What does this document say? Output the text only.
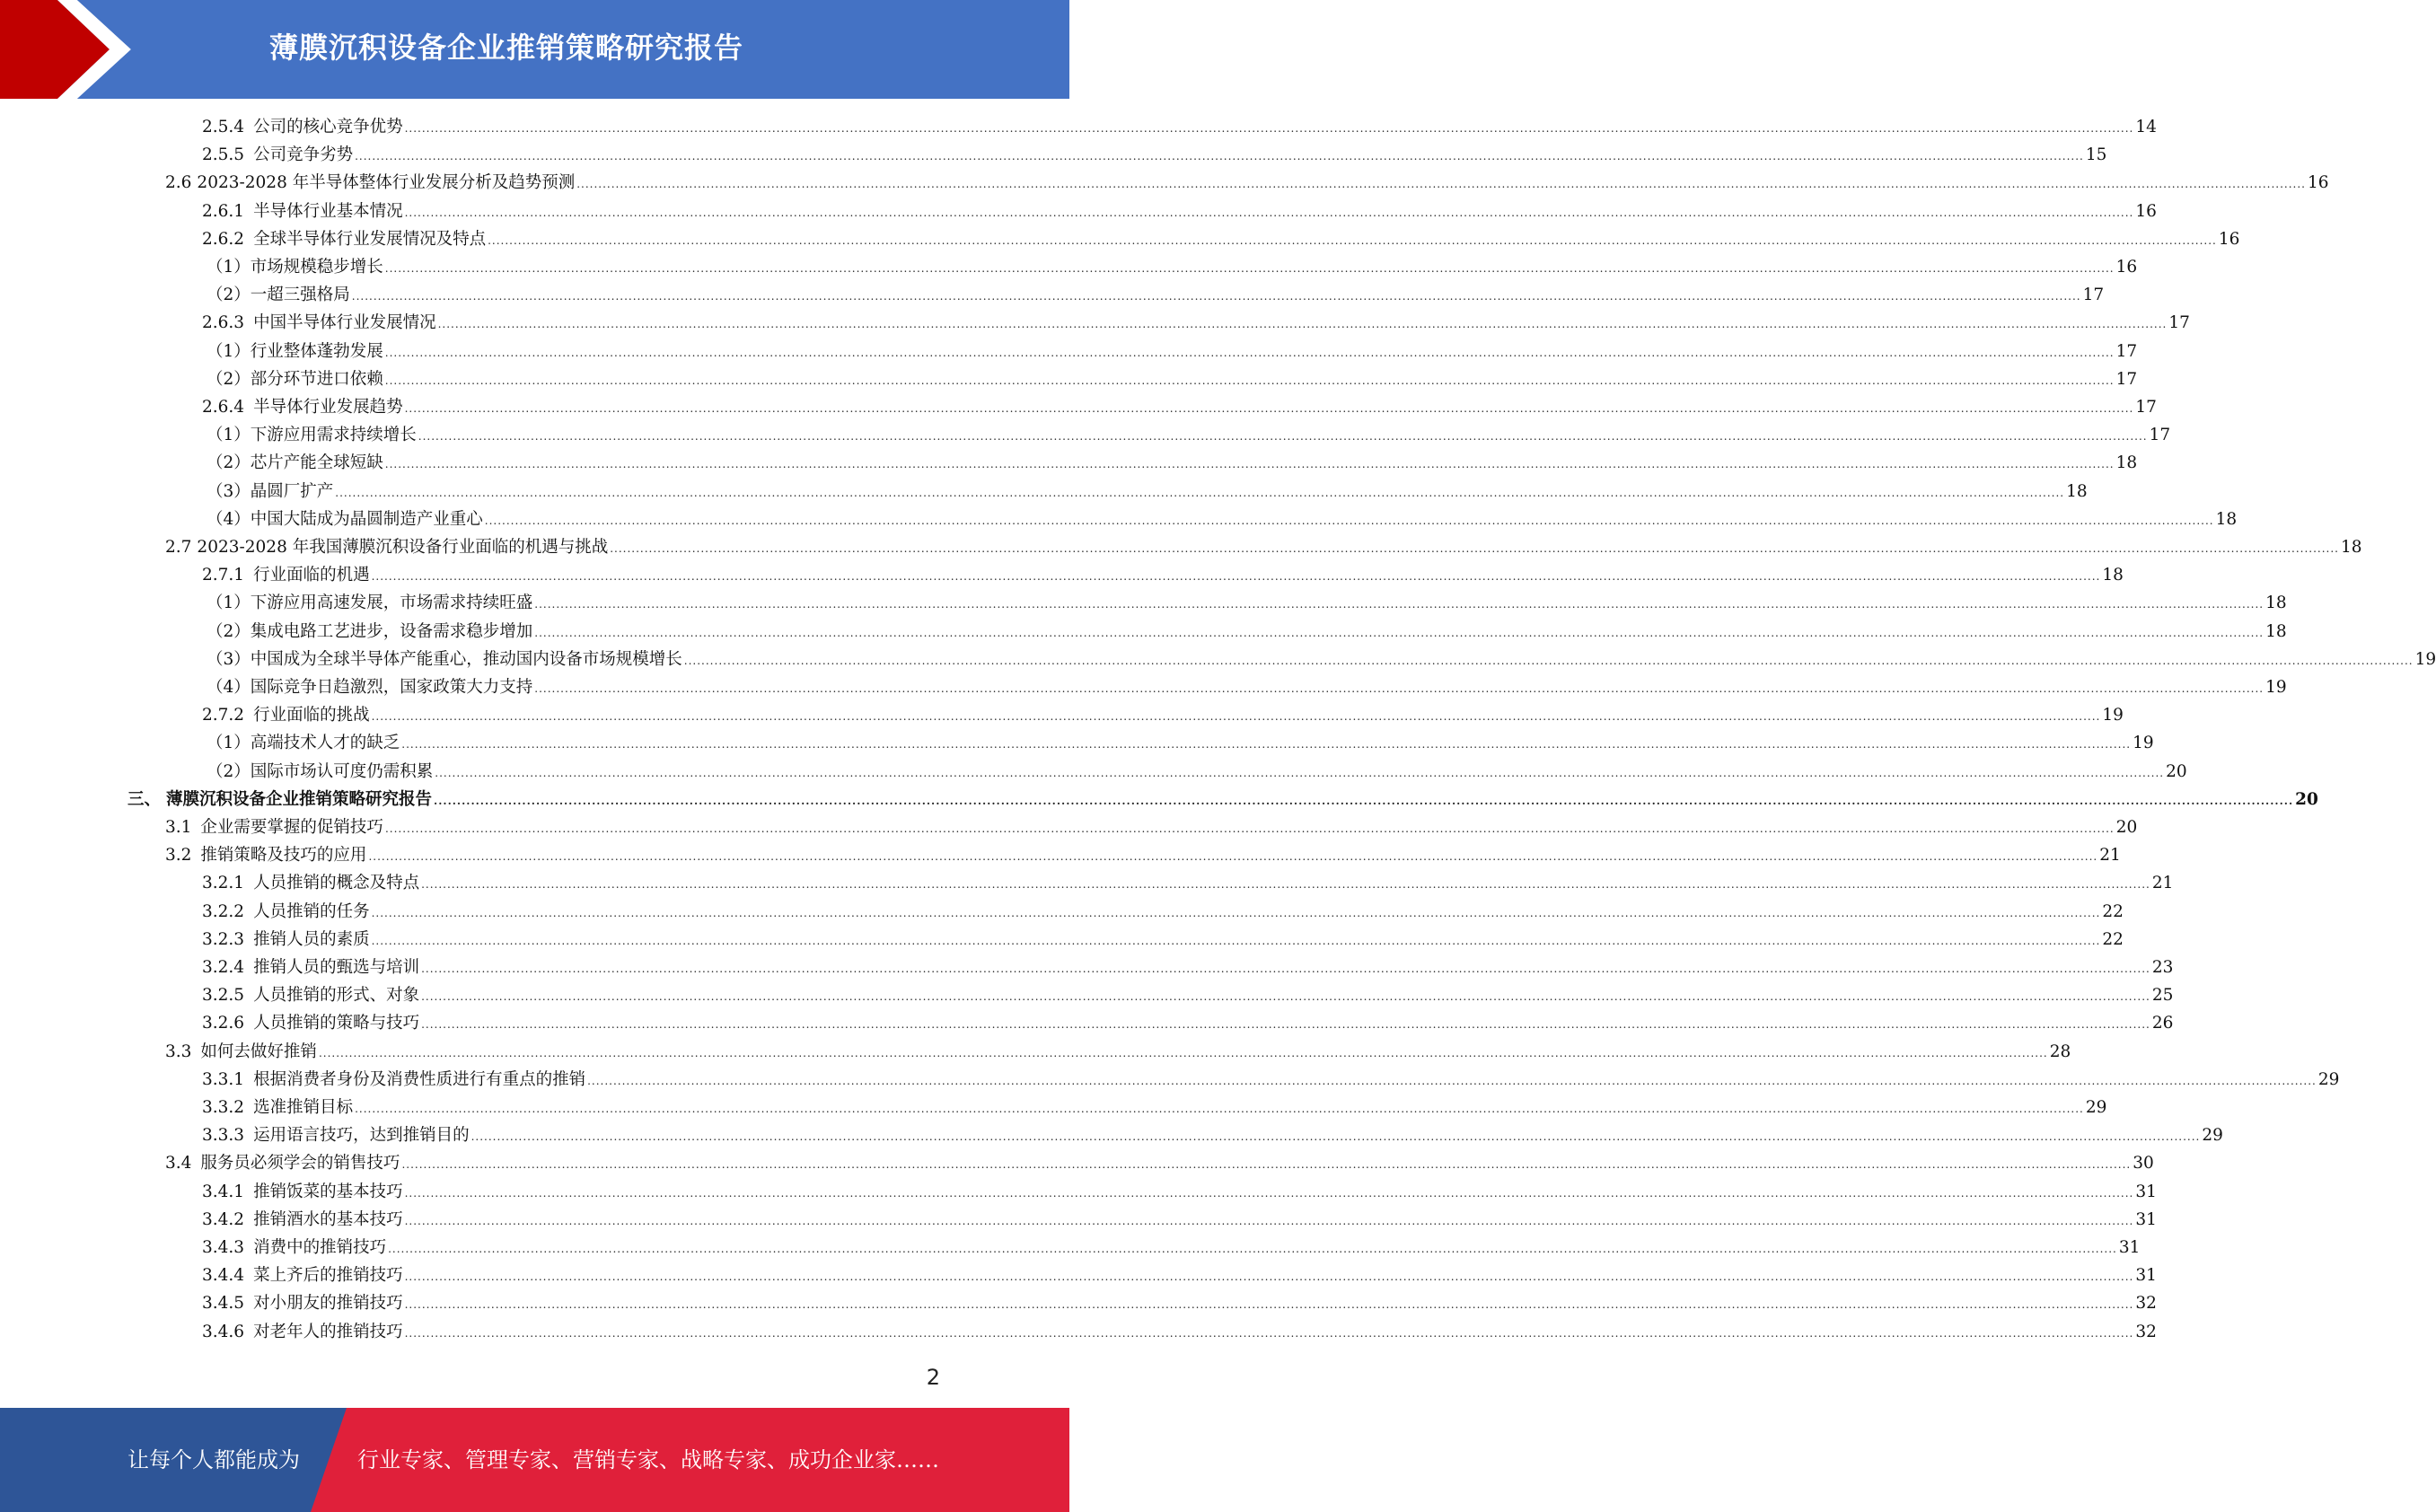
薄膜沉积设备企业推销策略研究报告
2.5.4 公司的核心竞争优势 ................................................................................................................................................................................................................................................................................................................................................................................................................ 14
2.5.5 公司竞争劣势 ................................................................................................................................................................................................................................................................................................................................................................................................................ 15
2.6 2023-2028 年半导体整体行业发展分析及趋势预测 ................................................................................................................................................................................................................................................................................................................................................................................................................ 16
2.6.1 半导体行业基本情况 ................................................................................................................................................................................................................................................................................................................................................................................................................ 16
2.6.2 全球半导体行业发展情况及特点 ................................................................................................................................................................................................................................................................................................................................................................................................................ 16
（1） 市场规模稳步增长 ................................................................................................................................................................................................................................................................................................................................................................................................................ 16
（2） 一超三强格局 ................................................................................................................................................................................................................................................................................................................................................................................................................ 17
2.6.3 中国半导体行业发展情况 ................................................................................................................................................................................................................................................................................................................................................................................................................ 17
（1） 行业整体蓬勃发展 ................................................................................................................................................................................................................................................................................................................................................................................................................ 17
（2） 部分环节进口依赖 ................................................................................................................................................................................................................................................................................................................................................................................................................ 17
2.6.4 半导体行业发展趋势 ................................................................................................................................................................................................................................................................................................................................................................................................................ 17
（1） 下游应用需求持续增长 ................................................................................................................................................................................................................................................................................................................................................................................................................ 17
（2） 芯片产能全球短缺 ................................................................................................................................................................................................................................................................................................................................................................................................................ 18
（3） 晶圆厂扩产 ................................................................................................................................................................................................................................................................................................................................................................................................................ 18
（4） 中国大陆成为晶圆制造产业重心 ................................................................................................................................................................................................................................................................................................................................................................................................................ 18
2.7 2023-2028 年我国薄膜沉积设备行业面临的机遇与挑战 ................................................................................................................................................................................................................................................................................................................................................................................................................ 18
2.7.1 行业面临的机遇 ................................................................................................................................................................................................................................................................................................................................................................................................................ 18
（1） 下游应用高速发展，市场需求持续旺盛 ................................................................................................................................................................................................................................................................................................................................................................................................................ 18
（2） 集成电路工艺进步，设备需求稳步增加 ................................................................................................................................................................................................................................................................................................................................................................................................................ 18
（3） 中国成为全球半导体产能重心，推动国内设备市场规模增长 ................................................................................................................................................................................................................................................................................................................................................................................................................ 19
（4） 国际竞争日趋激烈，国家政策大力支持 ................................................................................................................................................................................................................................................................................................................................................................................................................ 19
2.7.2 行业面临的挑战 ................................................................................................................................................................................................................................................................................................................................................................................................................ 19
（1） 高端技术人才的缺乏 ................................................................................................................................................................................................................................................................................................................................................................................................................ 19
（2） 国际市场认可度仍需积累 ................................................................................................................................................................................................................................................................................................................................................................................................................ 20
三、 薄膜沉积设备企业推销策略研究报告 ................................................................................................................................................................................................................................................................................................................................................................................................................ 20
3.1 企业需要掌握的促销技巧 ................................................................................................................................................................................................................................................................................................................................................................................................................ 20
3.2 推销策略及技巧的应用 ................................................................................................................................................................................................................................................................................................................................................................................................................ 21
3.2.1 人员推销的概念及特点 ................................................................................................................................................................................................................................................................................................................................................................................................................ 21
3.2.2 人员推销的任务 ................................................................................................................................................................................................................................................................................................................................................................................................................ 22
3.2.3 推销人员的素质 ................................................................................................................................................................................................................................................................................................................................................................................................................ 22
3.2.4 推销人员的甄选与培训 ................................................................................................................................................................................................................................................................................................................................................................................................................ 23
3.2.5 人员推销的形式、对象 ................................................................................................................................................................................................................................................................................................................................................................................................................ 25
3.2.6 人员推销的策略与技巧 ................................................................................................................................................................................................................................................................................................................................................................................................................ 26
3.3 如何去做好推销 ................................................................................................................................................................................................................................................................................................................................................................................................................ 28
3.3.1 根据消费者身份及消费性质进行有重点的推销 ................................................................................................................................................................................................................................................................................................................................................................................................................ 29
3.3.2 选准推销目标 ................................................................................................................................................................................................................................................................................................................................................................................................................ 29
3.3.3 运用语言技巧，达到推销目的 ................................................................................................................................................................................................................................................................................................................................................................................................................ 29
3.4 服务员必须学会的销售技巧 ................................................................................................................................................................................................................................................................................................................................................................................................................ 30
3.4.1 推销饭菜的基本技巧 ................................................................................................................................................................................................................................................................................................................................................................................................................ 31
3.4.2 推销酒水的基本技巧 ................................................................................................................................................................................................................................................................................................................................................................................................................ 31
3.4.3 消费中的推销技巧 ................................................................................................................................................................................................................................................................................................................................................................................................................ 31
3.4.4 菜上齐后的推销技巧 ................................................................................................................................................................................................................................................................................................................................................................................................................ 31
3.4.5 对小朋友的推销技巧 ................................................................................................................................................................................................................................................................................................................................................................................................................ 32
3.4.6 对老年人的推销技巧 ................................................................................................................................................................................................................................................................................................................................................................................................................ 32
2
让每个人都能成为	行业专家、管理专家、营销专家、战略专家、成功企业家……
